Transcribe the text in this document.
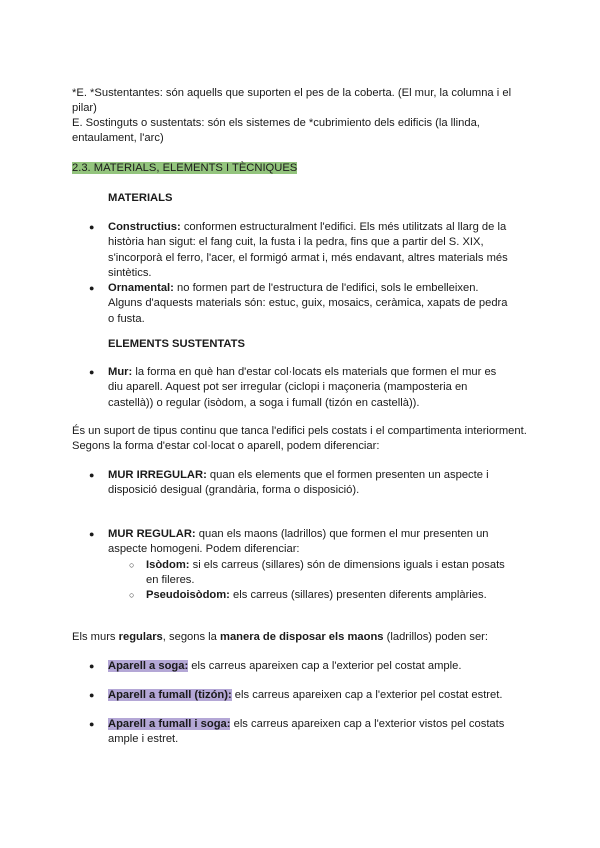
*E. *Sustentantes: són aquells que suporten el pes de la coberta. (El mur, la columna i el pilar)

E. Sostinguts o sustentats: són els sistemes de *cubrimiento dels edificis (la llinda, entaulament, l'arc)

2.3. MATERIALS, ELEMENTS I TÈCNIQUES

MATERIALS

● Constructius: conformen estructuralment l'edifici. Els més utilitzats al llarg de la història han sigut: el fang cuit, la fusta i la pedra, fins que a partir del S. XIX, s'incorporà el ferro, l'acer, el formigó armat i, més endavant, altres materials més sintètics.
● Ornamental: no formen part de l'estructura de l'edifici, sols le embelleixen. Alguns d'aquests materials són: estuc, guix, mosaics, ceràmica, xapats de pedra o fusta.

ELEMENTS SUSTENTATS

● Mur: la forma en què han d'estar col·locats els materials que formen el mur es diu aparell. Aquest pot ser irregular (ciclopi i maçoneria (mamposteria en castellà)) o regular (isòdom, a soga i fumall (tizón en castellà)).

És un suport de tipus continu que tanca l'edifici pels costats i el compartimenta interiorment. Segons la forma d'estar col·locat o aparell, podem diferenciar:

● MUR IRREGULAR: quan els elements que el formen presenten un aspecte i disposició desigual (grandària, forma o disposició).
● MUR REGULAR: quan els maons (ladrillos) que formen el mur presenten un aspecte homogeni. Podem diferenciar:
○ Isòdom: si els carreus (sillares) són de dimensions iguals i estan posats en fileres.
○ Pseudoisòdom: els carreus (sillares) presenten diferents amplàries.

Els murs regulars, segons la manera de disposar els maons (ladrillos) poden ser:

● Aparell a soga: els carreus apareixen cap a l'exterior pel costat ample.
● Aparell a fumall (tizón): els carreus apareixen cap a l'exterior pel costat estret.
● Aparell a fumall i soga: els carreus apareixen cap a l'exterior vistos pel costats ample i estret.
